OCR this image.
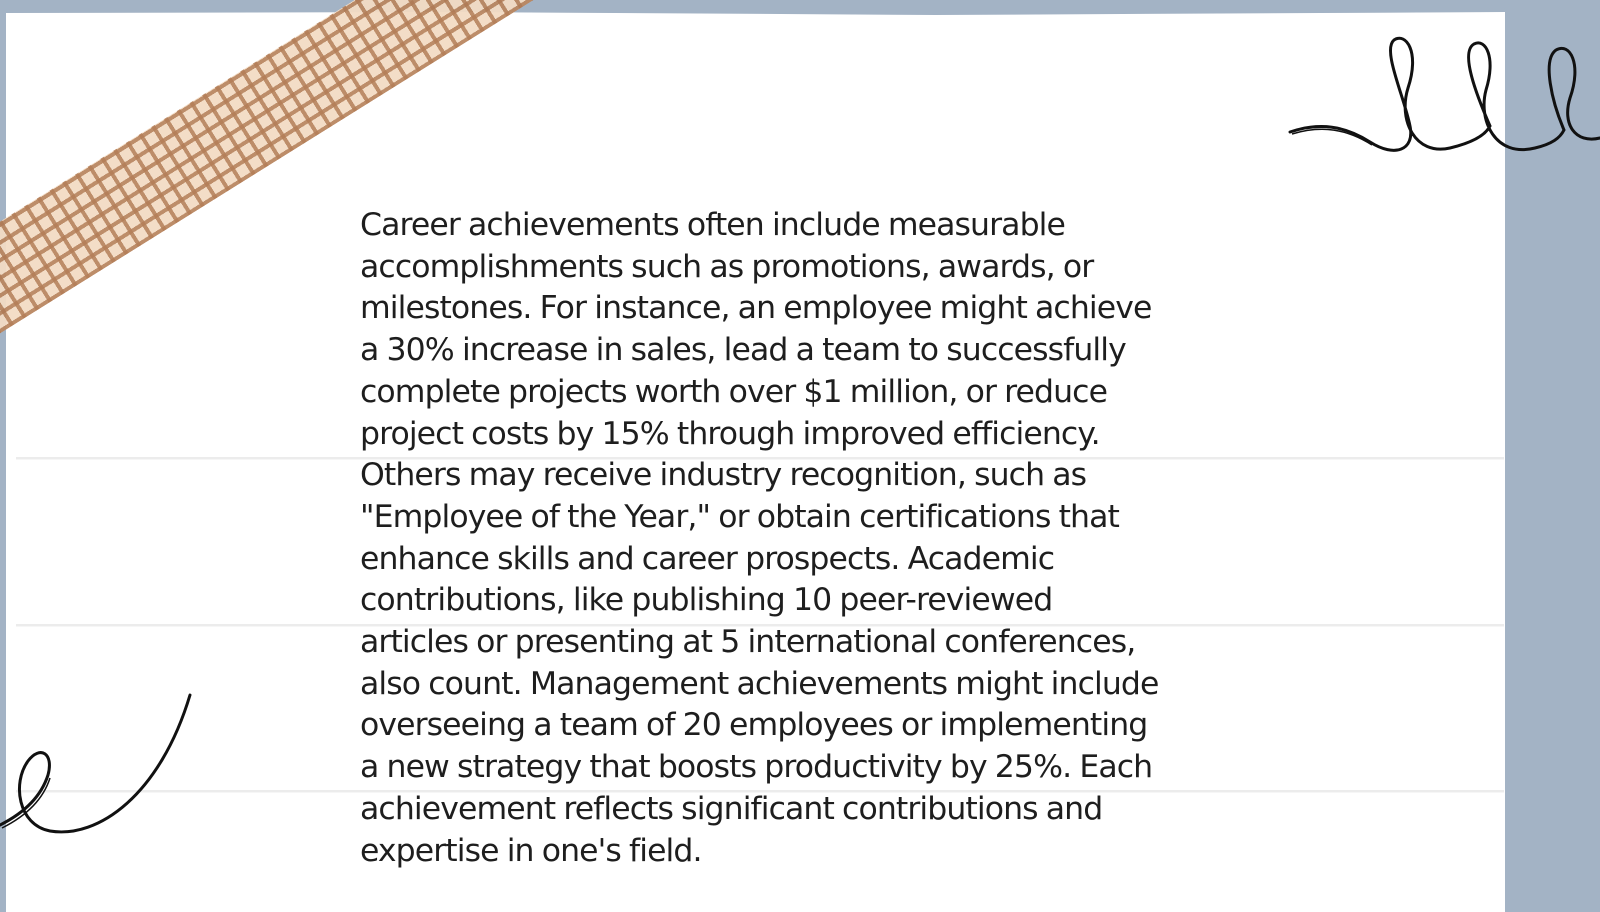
Career achievements often include measurable
accomplishments such as promotions, awards, or
milestones. For instance, an employee might achieve
a 30% increase in sales, lead a team to successfully
complete projects worth over $1 million, or reduce
project costs by 15% through improved efficiency.
Others may receive industry recognition, such as
"Employee of the Year," or obtain certifications that
enhance skills and career prospects. Academic
contributions, like publishing 10 peer-reviewed
articles or presenting at 5 international conferences,
also count. Management achievements might include
overseeing a team of 20 employees or implementing
a new strategy that boosts productivity by 25%. Each
achievement reflects significant contributions and
expertise in one's field.
